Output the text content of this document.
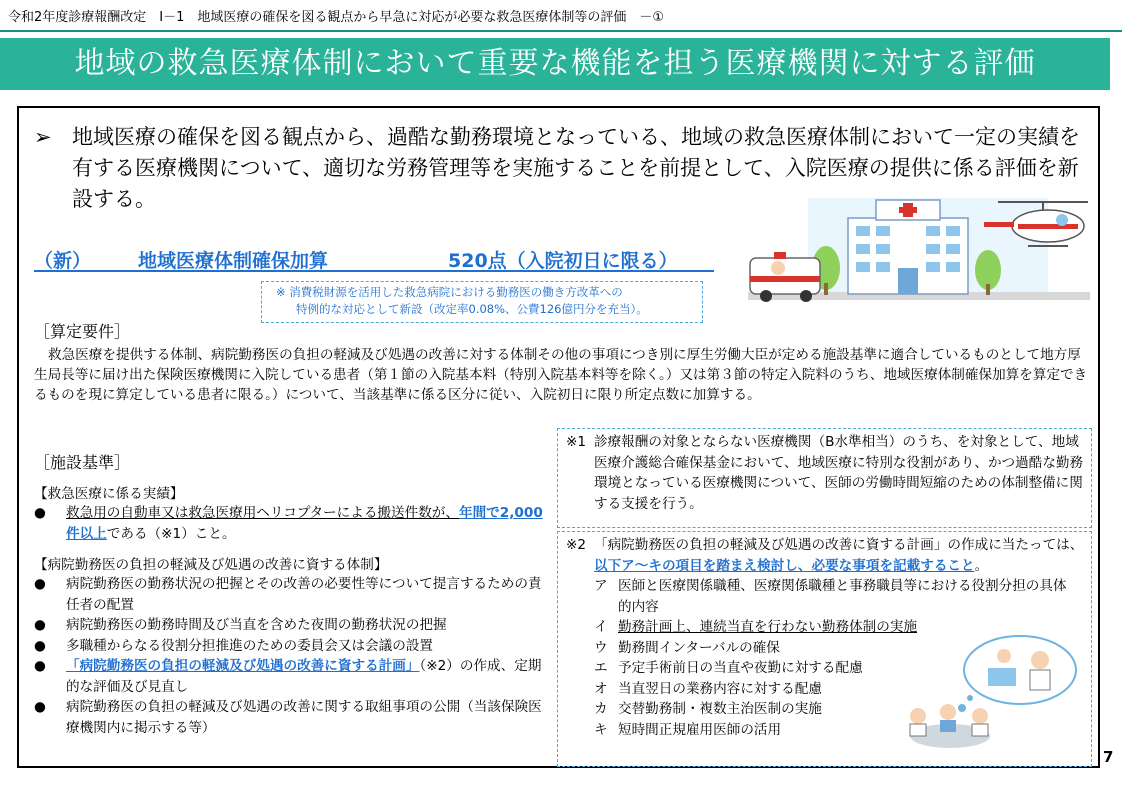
令和2年度診療報酬改定　Ⅰ－1　地域医療の確保を図る観点から早急に対応が必要な救急医療体制等の評価　－①
地域の救急医療体制において重要な機能を担う医療機関に対する評価
➢ 地域医療の確保を図る観点から、過酷な勤務環境となっている、地域の救急医療体制において一定の実績を有する医療機関について、適切な労務管理等を実施することを前提として、入院医療の提供に係る評価を新設する。
（新） 地域医療体制確保加算	520点（入院初日に限る）
※ 消費税財源を活用した救急病院における勤務医の働き方改革への
特例的な対応として新設（改定率0.08%、公費126億円分を充当）。
［算定要件］
救急医療を提供する体制、病院勤務医の負担の軽減及び処遇の改善に対する体制その他の事項につき別に厚生労働大臣が定める施設基準に適合しているものとして地方厚生局長等に届け出た保険医療機関に入院している患者（第１節の入院基本料（特別入院基本料等を除く。）又は第３節の特定入院料のうち、地域医療体制確保加算を算定できるものを現に算定している患者に限る。）について、当該基準に係る区分に従い、入院初日に限り所定点数に加算する。
［施設基準］
【救急医療に係る実績】
● 救急用の自動車又は救急医療用ヘリコプターによる搬送件数が、年間で2,000件以上である（※1）こと。
【病院勤務医の負担の軽減及び処遇の改善に資する体制】
● 病院勤務医の勤務状況の把握とその改善の必要性等について提言するための責任者の配置
● 病院勤務医の勤務時間及び当直を含めた夜間の勤務状況の把握
● 多職種からなる役割分担推進のための委員会又は会議の設置
● 「病院勤務医の負担の軽減及び処遇の改善に資する計画」（※2）の作成、定期的な評価及び見直し
● 病院勤務医の負担の軽減及び処遇の改善に関する取組事項の公開（当該保険医療機関内に掲示する等）
※1 診療報酬の対象とならない医療機関（B水準相当）のうち、を対象として、地域医療介護総合確保基金において、地域医療に特別な役割があり、かつ過酷な勤務環境となっている医療機関について、医師の労働時間短縮のための体制整備に関する支援を行う。
※2 「病院勤務医の負担の軽減及び処遇の改善に資する計画」の作成に当たっては、以下ア～キの項目を踏まえ検討し、必要な事項を記載すること。
ア 医師と医療関係職種、医療関係職種と事務職員等における役割分担の具体的内容
イ 勤務計画上、連続当直を行わない勤務体制の実施
ウ 勤務間インターバルの確保
エ 予定手術前日の当直や夜勤に対する配慮
オ 当直翌日の業務内容に対する配慮
カ 交替勤務制・複数主治医制の実施
キ 短時間正規雇用医師の活用
7
